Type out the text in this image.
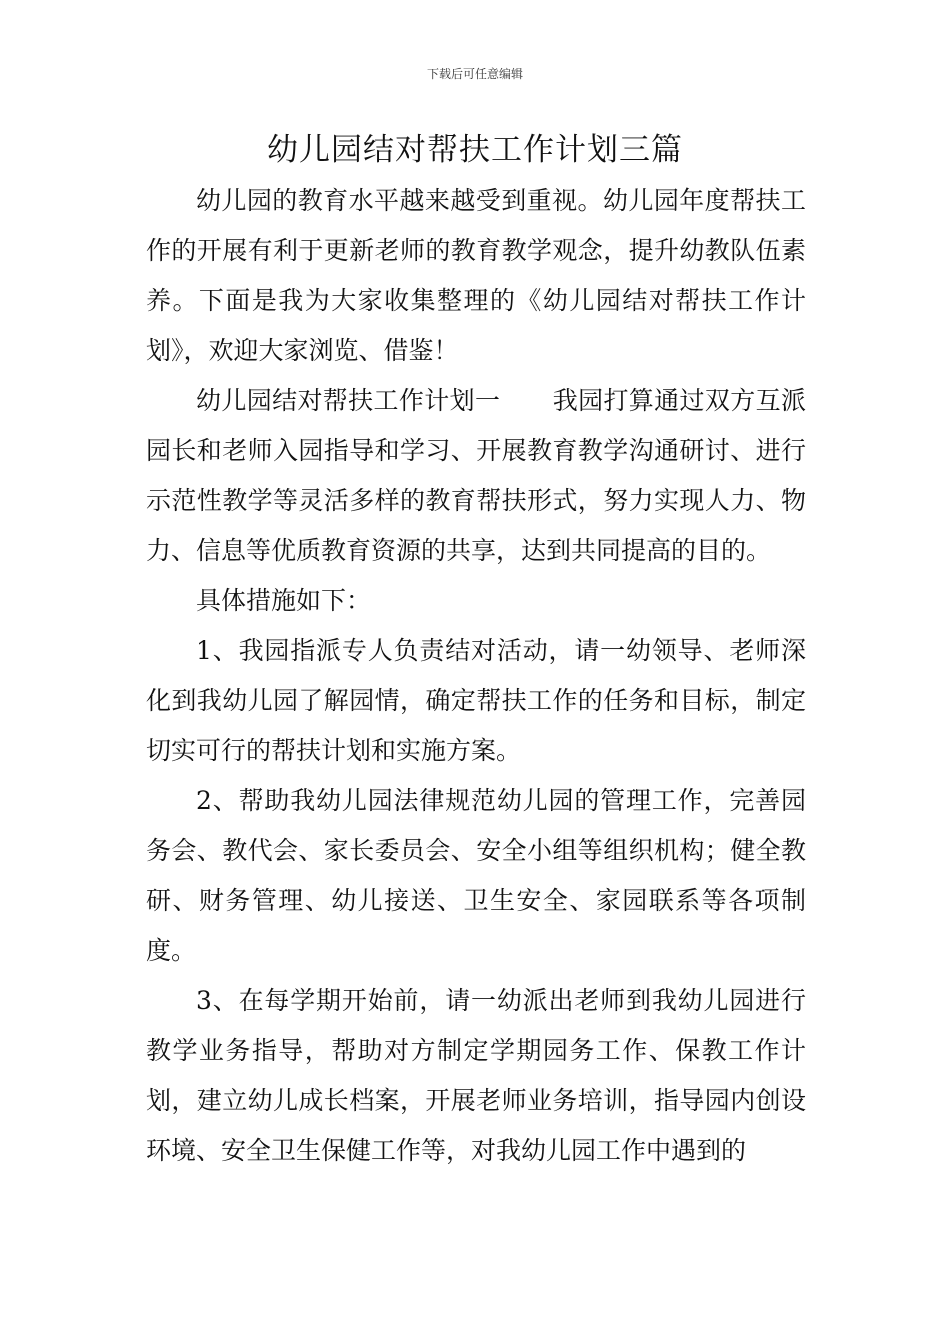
下载后可任意编辑
幼儿园结对帮扶工作计划三篇

幼儿园的教育水平越来越受到重视。幼儿园年度帮扶工作的开展有利于更新老师的教育教学观念，提升幼教队伍素养。下面是我为大家收集整理的《幼儿园结对帮扶工作计划》，欢迎大家浏览、借鉴！

幼儿园结对帮扶工作计划一 我园打算通过双方互派园长和老师入园指导和学习、开展教育教学沟通研讨、进行示范性教学等灵活多样的教育帮扶形式，努力实现人力、物力、信息等优质教育资源的共享，达到共同提高的目的。

具体措施如下：

1、我园指派专人负责结对活动，请一幼领导、老师深化到我幼儿园了解园情，确定帮扶工作的任务和目标，制定切实可行的帮扶计划和实施方案。

2、帮助我幼儿园法律规范幼儿园的管理工作，完善园务会、教代会、家长委员会、安全小组等组织机构；健全教研、财务管理、幼儿接送、卫生安全、家园联系等各项制度。

3、在每学期开始前，请一幼派出老师到我幼儿园进行教学业务指导，帮助对方制定学期园务工作、保教工作计划，建立幼儿成长档案，开展老师业务培训，指导园内创设环境、安全卫生保健工作等，对我幼儿园工作中遇到的
